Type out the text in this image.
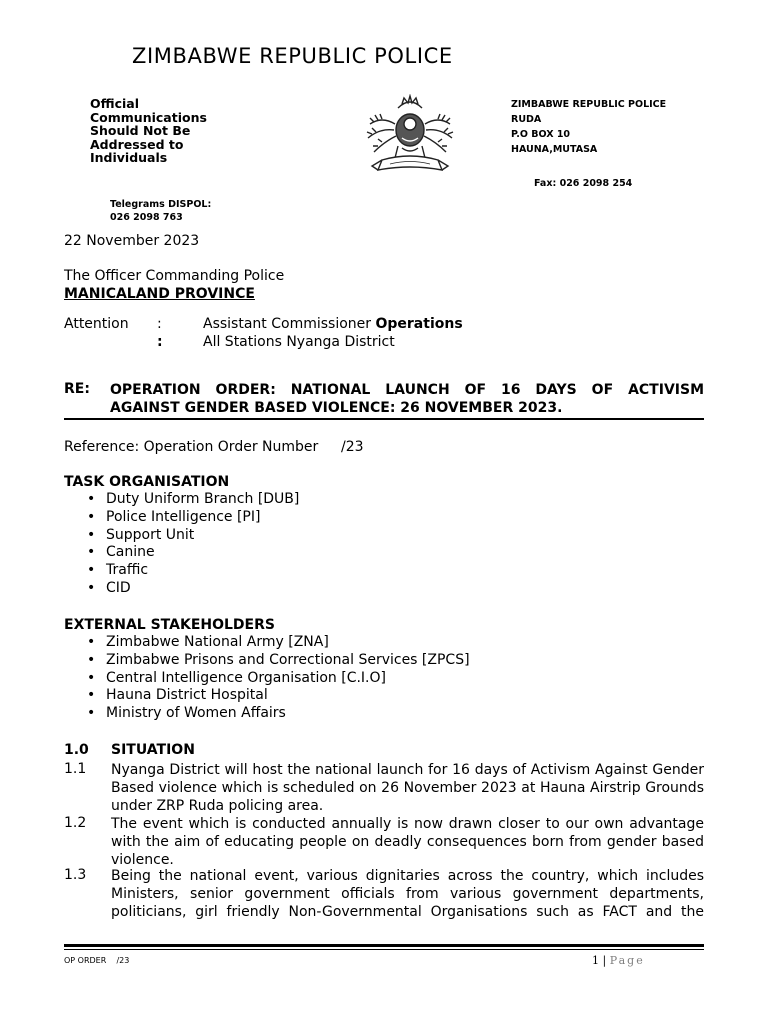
ZIMBABWE REPUBLIC POLICE
Official
Communications
Should Not Be
Addressed to
Individuals
ZIMBABWE REPUBLIC POLICE
RUDA
P.O BOX 10
HAUNA,MUTASA
Fax: 026 2098 254
Telegrams DISPOL:
026 2098 763
22 November 2023
The Officer Commanding Police
MANICALAND PROVINCE
Attention :	Assistant Commissioner Operations
:	All Stations Nyanga District
RE: OPERATION ORDER: NATIONAL LAUNCH OF 16 DAYS OF ACTIVISM
AGAINST GENDER BASED VIOLENCE: 26 NOVEMBER 2023.
Reference: Operation Order Number /23
TASK ORGANISATION
• Duty Uniform Branch [DUB]
• Police Intelligence [PI]
• Support Unit
• Canine
• Traffic
• CID
EXTERNAL STAKEHOLDERS
• Zimbabwe National Army [ZNA]
• Zimbabwe Prisons and Correctional Services [ZPCS]
• Central Intelligence Organisation [C.I.O]
• Hauna District Hospital
• Ministry of Women Affairs
1.0 SITUATION
1.1 Nyanga District will host the national launch for 16 days of Activism Against Gender Based violence which is scheduled on 26 November 2023 at Hauna Airstrip Grounds under ZRP Ruda policing area.
1.2 The event which is conducted annually is now drawn closer to our own advantage with the aim of educating people on deadly consequences born from gender based violence.
1.3 Being the national event, various dignitaries across the country, which includes Ministers, senior government officials from various government departments, politicians, girl friendly Non-Governmental Organisations such as FACT and the
OP ORDER    /23	1 | Page
